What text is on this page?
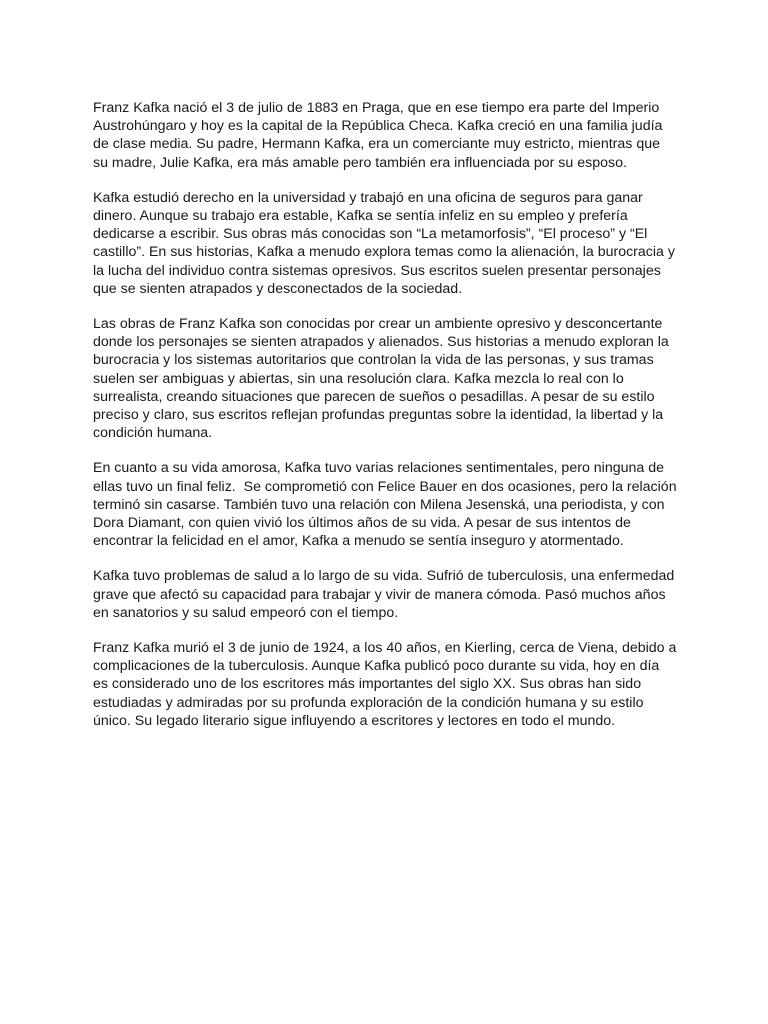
Franz Kafka nació el 3 de julio de 1883 en Praga, que en ese tiempo era parte del Imperio Austrohúngaro y hoy es la capital de la República Checa. Kafka creció en una familia judía de clase media. Su padre, Hermann Kafka, era un comerciante muy estricto, mientras que su madre, Julie Kafka, era más amable pero también era influenciada por su esposo.

Kafka estudió derecho en la universidad y trabajó en una oficina de seguros para ganar dinero. Aunque su trabajo era estable, Kafka se sentía infeliz en su empleo y prefería dedicarse a escribir. Sus obras más conocidas son “La metamorfosis”, “El proceso” y “El castillo”. En sus historias, Kafka a menudo explora temas como la alienación, la burocracia y la lucha del individuo contra sistemas opresivos. Sus escritos suelen presentar personajes que se sienten atrapados y desconectados de la sociedad.

Las obras de Franz Kafka son conocidas por crear un ambiente opresivo y desconcertante donde los personajes se sienten atrapados y alienados. Sus historias a menudo exploran la burocracia y los sistemas autoritarios que controlan la vida de las personas, y sus tramas suelen ser ambiguas y abiertas, sin una resolución clara. Kafka mezcla lo real con lo surrealista, creando situaciones que parecen de sueños o pesadillas. A pesar de su estilo preciso y claro, sus escritos reflejan profundas preguntas sobre la identidad, la libertad y la condición humana.

En cuanto a su vida amorosa, Kafka tuvo varias relaciones sentimentales, pero ninguna de ellas tuvo un final feliz.  Se comprometió con Felice Bauer en dos ocasiones, pero la relación terminó sin casarse. También tuvo una relación con Milena Jesenská, una periodista, y con Dora Diamant, con quien vivió los últimos años de su vida. A pesar de sus intentos de encontrar la felicidad en el amor, Kafka a menudo se sentía inseguro y atormentado.

Kafka tuvo problemas de salud a lo largo de su vida. Sufrió de tuberculosis, una enfermedad grave que afectó su capacidad para trabajar y vivir de manera cómoda. Pasó muchos años en sanatorios y su salud empeoró con el tiempo.

Franz Kafka murió el 3 de junio de 1924, a los 40 años, en Kierling, cerca de Viena, debido a complicaciones de la tuberculosis. Aunque Kafka publicó poco durante su vida, hoy en día es considerado uno de los escritores más importantes del siglo XX. Sus obras han sido estudiadas y admiradas por su profunda exploración de la condición humana y su estilo único. Su legado literario sigue influyendo a escritores y lectores en todo el mundo.
